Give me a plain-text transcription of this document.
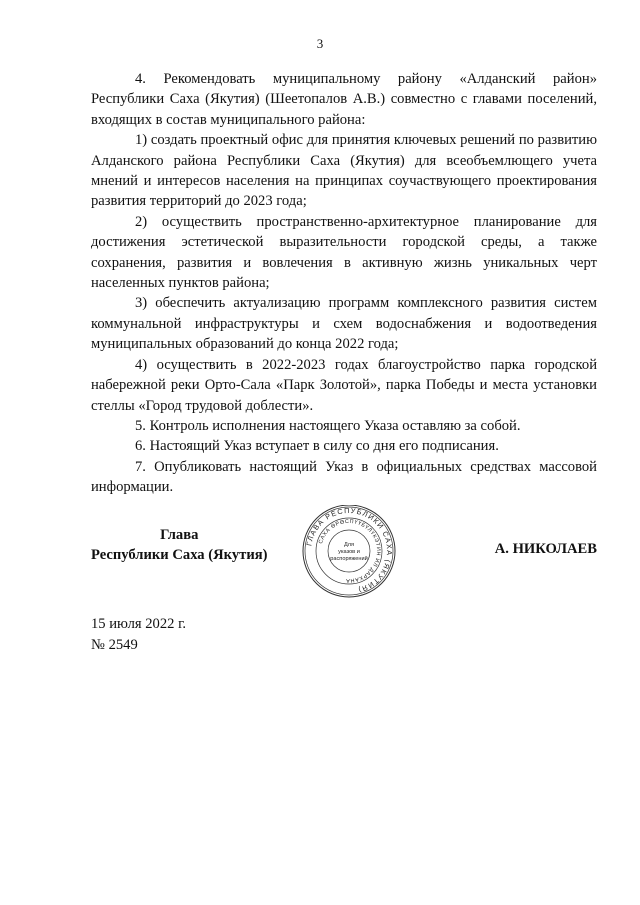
3

4. Рекомендовать муниципальному району «Алданский район» Республики Саха (Якутия) (Шеетопалов А.В.) совместно с главами поселений, входящих в состав муниципального района:

1) создать проектный офис для принятия ключевых решений по развитию Алданского района Республики Саха (Якутия) для всеобъемлющего учета мнений и интересов населения на принципах соучаствующего проектирования развития территорий до 2023 года;

2) осуществить пространственно-архитектурное планирование для достижения эстетической выразительности городской среды, а также сохранения, развития и вовлечения в активную жизнь уникальных черт населенных пунктов района;

3) обеспечить актуализацию программ комплексного развития систем коммунальной инфраструктуры и схем водоснабжения и водоотведения муниципальных образований до конца 2022 года;

4) осуществить в 2022-2023 годах благоустройство парка городской набережной реки Орто-Сала «Парк Золотой», парка Победы и места установки стеллы «Город трудовой доблести».

5. Контроль исполнения настоящего Указа оставляю за собой.

6. Настоящий Указ вступает в силу со дня его подписания.

7. Опубликовать настоящий Указ в официальных средствах массовой информации.

Глава
Республики Саха (Якутия)
ГЛАВА РЕСПУБЛИКИ САХА (ЯКУТИЯ)
САХА ӨРӨСПҮҮБҮЛҮКЭТИН ИЛ ДАРХАНА
Для
указов и
распоряжений
А. НИКОЛАЕВ
15 июля 2022 г.
№ 2549
